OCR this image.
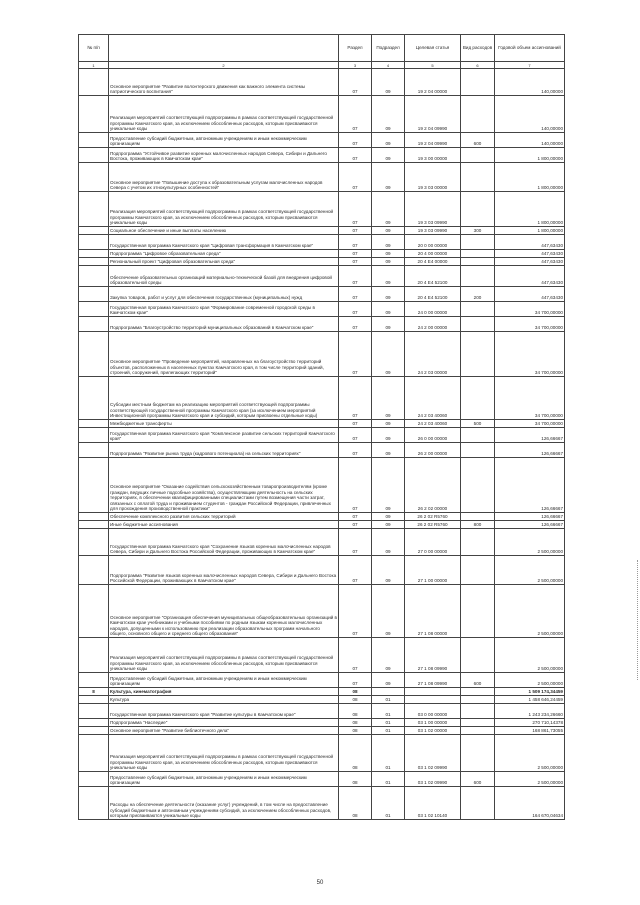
№ п/п		Раздел	Подраздел	Целевая статья	Вид расходов	Годовой объем ассигнований
1	2	3	4	5	6	7
	Основное мероприятие "Развитие волонтерского движения как важного элемента системы патриотического воспитания"	07	09	19 2 04 00000		140,00000
	Реализация мероприятий соответствующей подпрограммы в рамках соответствующей государственной программы Камчатского края, за исключением обособленных расходов, которым присваиваются уникальные коды	07	09	19 2 04 09990		140,00000
	Предоставление субсидий бюджетным, автономным учреждениям и иным некоммерческим организациям	07	09	19 2 04 09990	600	140,00000
	Подпрограмма "Устойчивое развитие коренных малочисленных народов Севера, Сибири и Дальнего Востока, проживающих в Камчатском крае"	07	09	19 3 00 00000		1 800,00000
	Основное мероприятие "Повышение доступа к образовательным услугам малочисленных народов Севера с учетом их этнокультурных особенностей"	07	09	19 3 03 00000		1 800,00000
	Реализация мероприятий соответствующей подпрограммы в рамках соответствующей государственной программы Камчатского края, за исключением обособленных расходов, которым присваиваются уникальные коды	07	09	19 3 03 09990		1 800,00000
	Социальное обеспечение и иные выплаты населению	07	09	19 3 03 09990	300	1 800,00000
	Государственная программа Камчатского края "Цифровая трансформация в Камчатском крае"	07	09	20 0 00 00000		447,63430
	Подпрограмма "Цифровое образовательная среда"	07	09	20 4 00 00000		447,63430
	Региональный проект "Цифровая образовательная среда"	07	09	20 4 E4 00000		447,63430
	Обеспечение образовательных организаций материально-технической базой для внедрения цифровой образовательной среды	07	09	20 4 E4 52100		447,63430
	Закупка товаров, работ и услуг для обеспечения государственных (муниципальных) нужд	07	09	20 4 E4 52100	200	447,63430
	Государственная программа Камчатского края "Формирование современной городской среды в Камчатском крае"	07	09	24 0 00 00000		34 700,00000
	Подпрограмма "Благоустройство территорий муниципальных образований в Камчатском крае"	07	09	24 2 00 00000		34 700,00000
	Основное мероприятие "Проведение мероприятий, направленных на благоустройство территорий объектов, расположенных в населенных пунктах Камчатского края, в том числе территорий зданий, строений, сооружений, прилегающих территорий"	07	09	24 2 03 00000		34 700,00000
	Субсидии местным бюджетам на реализацию мероприятий соответствующей подпрограммы соответствующей государственной программы Камчатского края (за исключением мероприятий Инвестиционной программы Камчатского края и субсидий, которым присвоены отдельные коды)	07	09	24 2 03 40060		34 700,00000
	Межбюджетные трансферты	07	09	24 2 03 40060	500	34 700,00000
	Государственная программа Камчатского края "Комплексное развитие сельских территорий Камчатского края"	07	09	26 0 00 00000		126,66667
	Подпрограмма "Развитие рынка труда (кадрового потенциала) на сельских территориях"	07	09	26 2 00 00000		126,66667
	Основное мероприятие "Оказание содействия сельскохозяйственным товаропроизводителям (кроме граждан, ведущих личные подсобные хозяйства), осуществляющим деятельность на сельских территориях, в обеспечении квалифицированными специалистами путем возмещения части затрат, связанных с оплатой труда и проживанием студентов - граждан Российской Федерации, привлеченных для прохождения производственной практики"	07	09	26 2 02 00000		126,66667
	Обеспечение комплексного развития сельских территорий	07	09	26 2 02 R5760		126,66667
	Иные бюджетные ассигнования	07	09	26 2 02 R5760	800	126,66667
	Государственная программа Камчатского края "Сохранение языков коренных малочисленных народов Севера, Сибири и Дальнего Востока Российской Федерации, проживающих в Камчатском крае"	07	09	27 0 00 00000		2 500,00000
	Подпрограмма "Развитие языков коренных малочисленных народов Севера, Сибири и Дальнего Востока Российской Федерации, проживающих в Камчатском крае"	07	09	27 1 00 00000		2 500,00000
	Основное мероприятие "Организация обеспечения муниципальных общеобразовательных организаций в Камчатском крае учебниками и учебными пособиями по родным языкам коренных малочисленных народов, допущенными к использованию при реализации образовательных программ начального общего, основного общего и среднего общего образования"	07	09	27 1 08 00000		2 500,00000
	Реализация мероприятий соответствующей подпрограммы в рамках соответствующей государственной программы Камчатского края, за исключением обособленных расходов, которым присваиваются уникальные коды	07	09	27 1 08 09990		2 500,00000
	Предоставление субсидий бюджетным, автономным учреждениям и иным некоммерческим организациям	07	09	27 1 08 09990	600	2 500,00000
8	Культура, кинематография	08				1 509 174,34459
	Культура	08	01			1 458 646,24459
	Государственная программа Камчатского края "Развитие культуры в Камчатском крае"	08	01	03 0 00 00000		1 243 234,26660
	Подпрограмма "Наследие"	08	01	03 1 00 00000		270 710,14378
	Основное мероприятие "Развитие библиотечного дела"	08	01	03 1 02 00000		168 861,73055
	Реализация мероприятий соответствующей подпрограммы в рамках соответствующей государственной программы Камчатского края, за исключением обособленных расходов, которым присваиваются уникальные коды	08	01	03 1 02 09990		2 500,00000
	Предоставление субсидий бюджетным, автономным учреждениям и иным некоммерческим организациям	08	01	03 1 02 09990	600	2 500,00000
	Расходы на обеспечение деятельности (оказание услуг) учреждений, в том числе на предоставление субсидий бюджетным и автономным учреждениям субсидий, за исключением обособленных расходов, которым присваиваются уникальные коды	08	01	03 1 02 10140		164 670,04634
50
